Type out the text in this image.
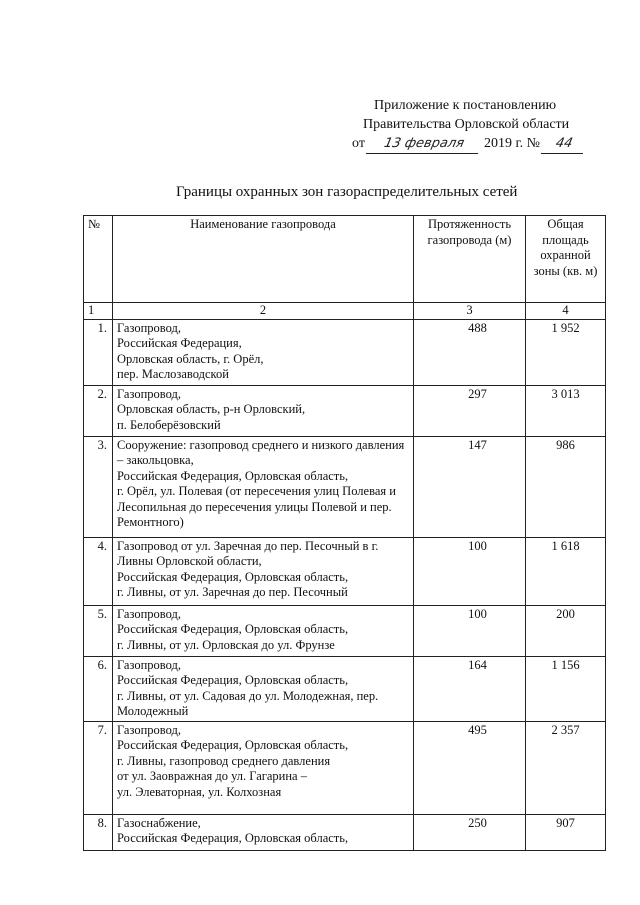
Приложение к постановлению
Правительства Орловской области
от 13 февраля 2019 г. № 44
Границы охранных зон газораспределительных сетей
№	Наименование газопровода	Протяженность газопровода (м)	Общая площадь охранной зоны (кв. м)
1	2	3	4
1.	Газопровод,
Российская Федерация,
Орловская область, г. Орёл,
пер. Маслозаводской	488	1 952
2.	Газопровод,
Орловская область, р-н Орловский,
п. Белоберёзовский	297	3 013
3.	Сооружение: газопровод среднего и низкого давления – закольцовка,
Российская Федерация, Орловская область,
г. Орёл, ул. Полевая (от пересечения улиц Полевая и Лесопильная до пересечения улицы Полевой и пер. Ремонтного)	147	986
4.	Газопровод от ул. Заречная до пер. Песочный в г. Ливны Орловской области,
Российская Федерация, Орловская область,
г. Ливны, от ул. Заречная до пер. Песочный	100	1 618
5.	Газопровод,
Российская Федерация, Орловская область,
г. Ливны, от ул. Орловская до ул. Фрунзе	100	200
6.	Газопровод,
Российская Федерация, Орловская область,
г. Ливны, от ул. Садовая до ул. Молодежная, пер. Молодежный	164	1 156
7.	Газопровод,
Российская Федерация, Орловская область,
г. Ливны, газопровод среднего давления
от ул. Заовражная до ул. Гагарина –
ул. Элеваторная, ул. Колхозная	495	2 357
8.	Газоснабжение,
Российская Федерация, Орловская область,	250	907
